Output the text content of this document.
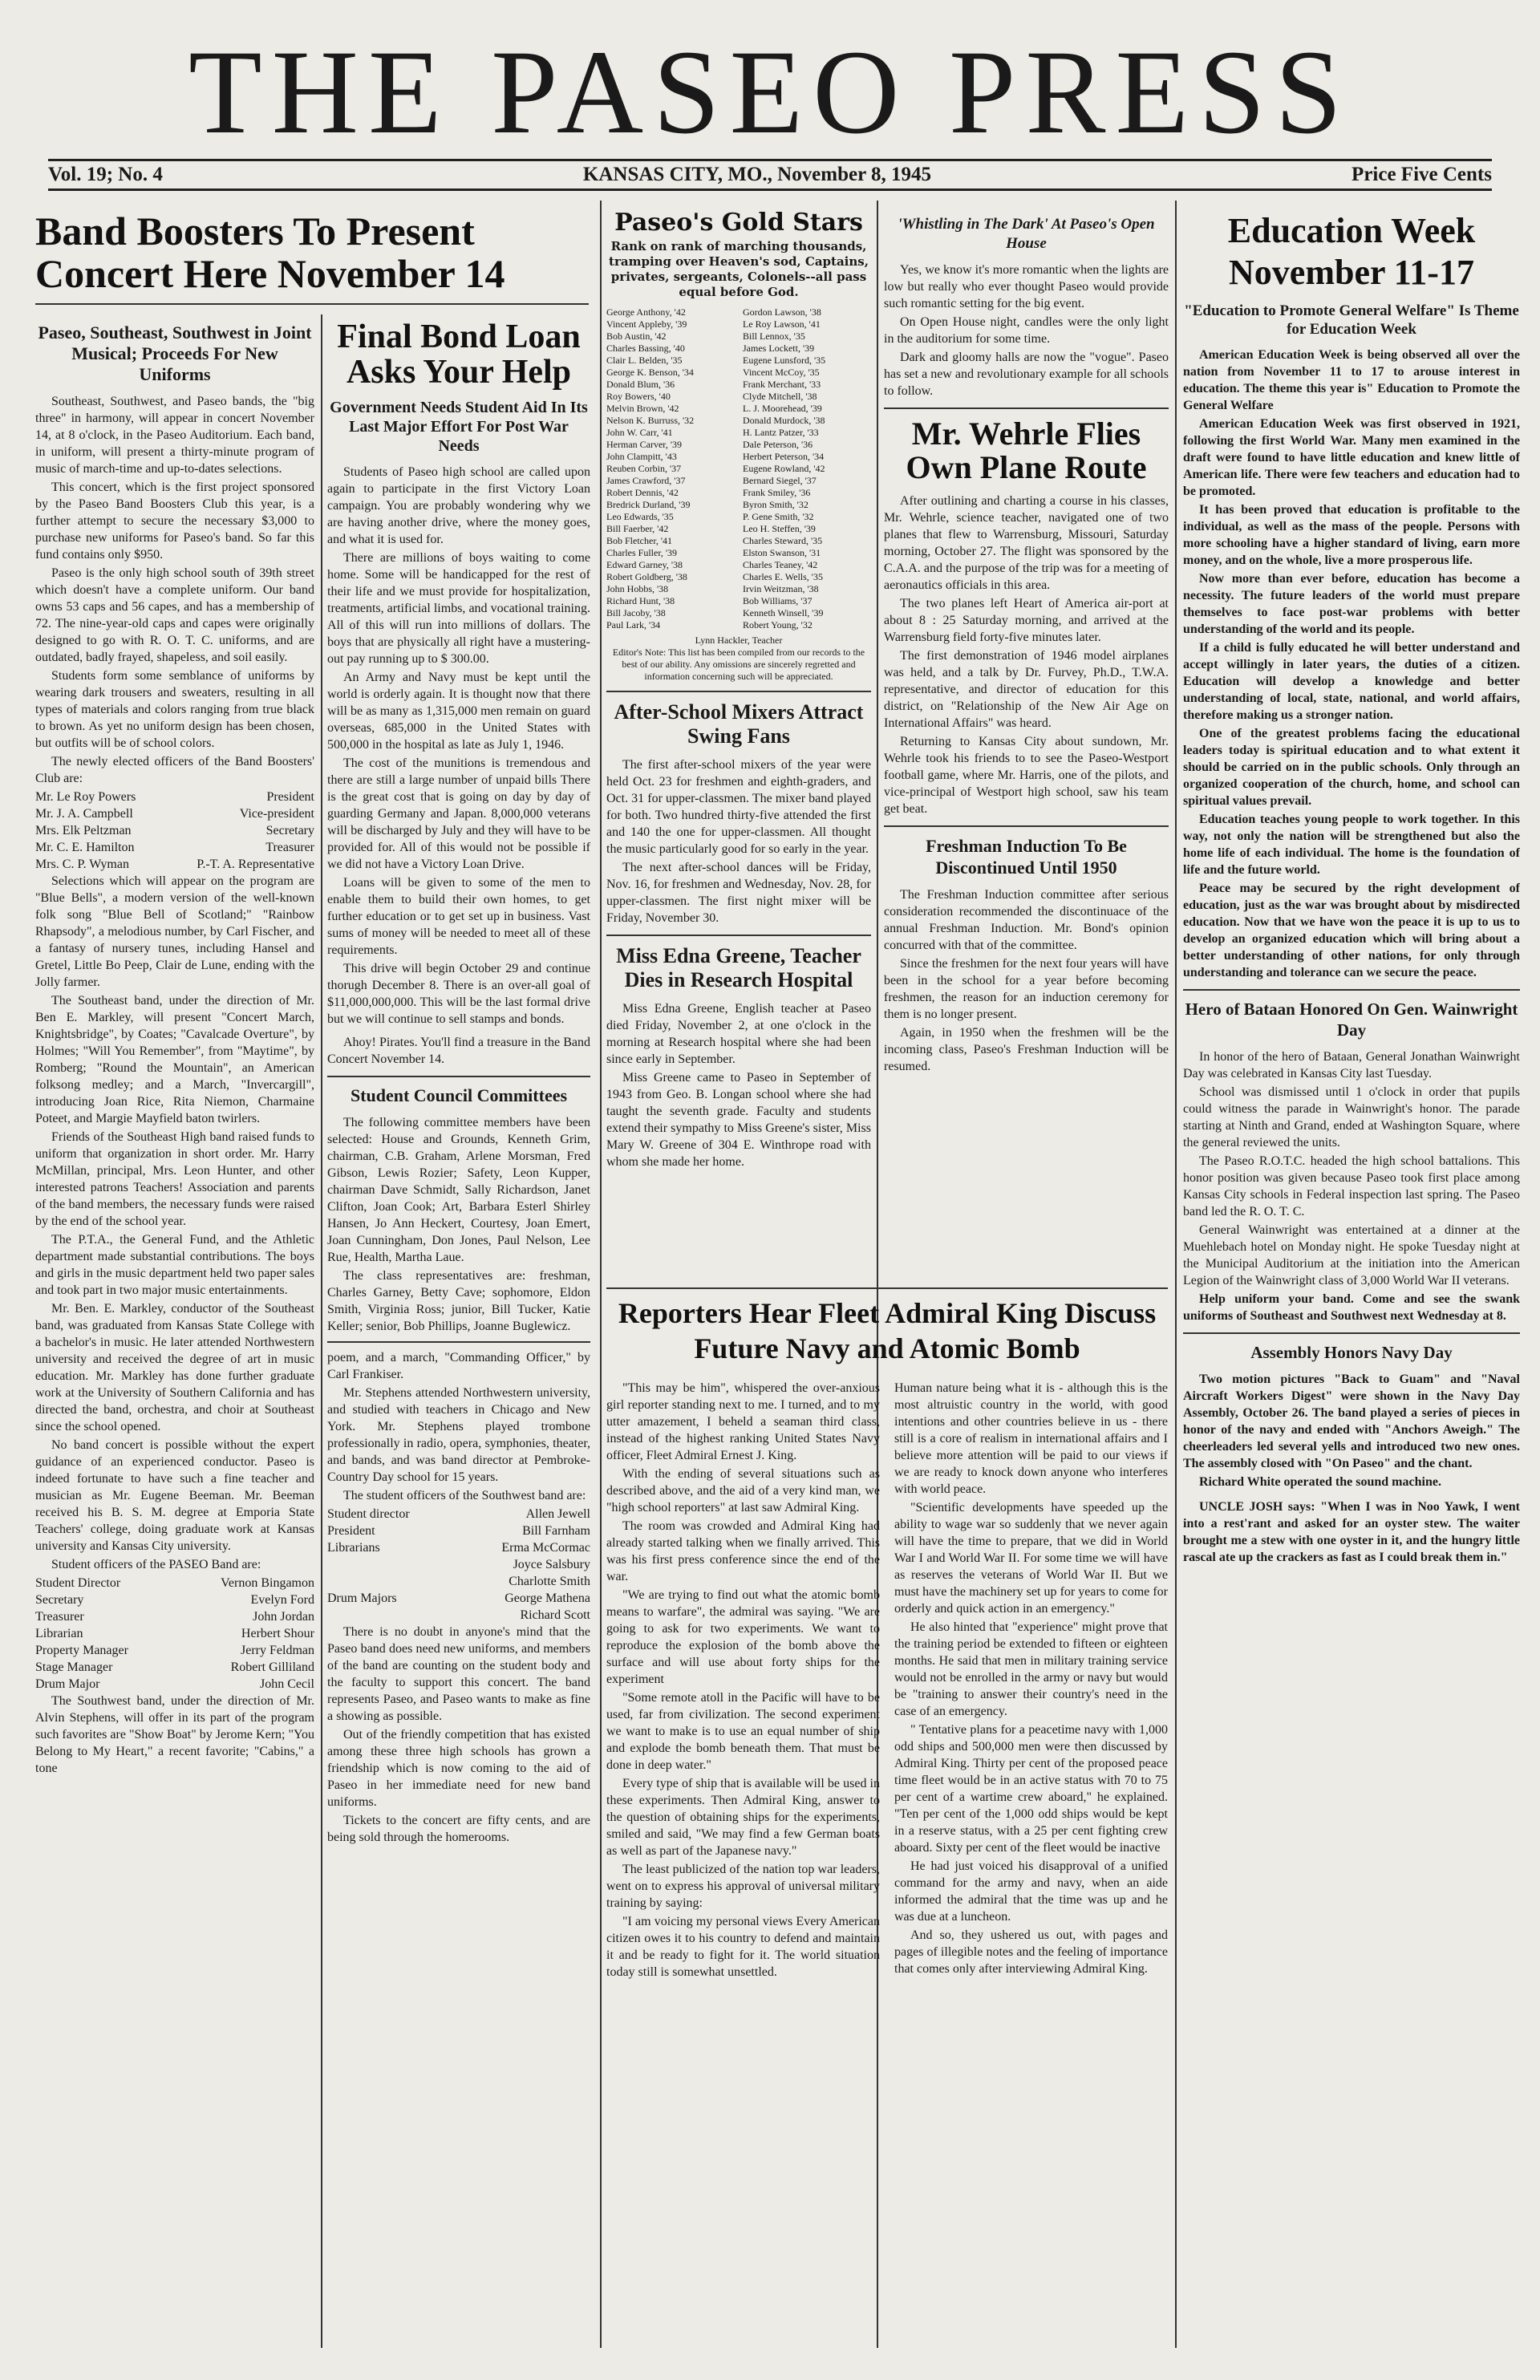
THE PASEO PRESS
Vol. 19; No. 4	KANSAS CITY, MO., November 8, 1945	Price Five Cents
Band Boosters To Present Concert Here November 14
Paseo, Southeast, Southwest in Joint Musical; Proceeds For New Uniforms

Southeast, Southwest, and Paseo bands, the "big three" in harmony, will appear in concert November 14, at 8 o'clock, in the Paseo Auditorium. Each band, in uniform, will present a thirty-minute program of music of march-time and up-to-dates selections.

This concert, which is the first project sponsored by the Paseo Band Boosters Club this year, is a further attempt to secure the necessary $3,000 to purchase new uniforms for Paseo's band. So far this fund contains only $950.

Paseo is the only high school south of 39th street which doesn't have a complete uniform. Our band owns 53 caps and 56 capes, and has a membership of 72. The nine-year-old caps and capes were originally designed to go with R. O. T. C. uniforms, and are outdated, badly frayed, shapeless, and soil easily.

Students form some semblance of uniforms by wearing dark trousers and sweaters, resulting in all types of materials and colors ranging from true black to brown. As yet no uniform design has been chosen, but outfits will be of school colors.

The newly elected officers of the Band Boosters' Club are:

Mr. Le Roy Powers	President
Mr. J. A. Campbell	Vice-president
Mrs. Elk Peltzman	Secretary
Mr. C. E. Hamilton	Treasurer
Mrs. C. P. Wyman	P.-T. A. Representative

Selections which will appear on the program are "Blue Bells", a modern version of the well-known folk song "Blue Bell of Scotland;" "Rainbow Rhapsody", a melodious number, by Carl Fischer, and a fantasy of nursery tunes, including Hansel and Gretel, Little Bo Peep, Clair de Lune, ending with the Jolly farmer.

The Southeast band, under the direction of Mr. Ben E. Markley, will present "Concert March, Knightsbridge", by Coates; "Cavalcade Overture", by Holmes; "Will You Remember", from "Maytime", by Romberg; "Round the Mountain", an American folksong medley; and a March, "Invercargill", introducing Joan Rice, Rita Niemon, Charmaine Poteet, and Margie Mayfield baton twirlers.

Friends of the Southeast High band raised funds to uniform that organization in short order. Mr. Harry McMillan, principal, Mrs. Leon Hunter, and other interested patrons Teachers! Association and parents of the band members, the necessary funds were raised by the end of the school year.

The P.T.A., the General Fund, and the Athletic department made substantial contributions. The boys and girls in the music department held two paper sales and took part in two major music entertainments.

Mr. Ben. E. Markley, conductor of the Southeast band, was graduated from Kansas State College with a bachelor's in music. He later attended Northwestern university and received the degree of art in music education. Mr. Markley has done further graduate work at the University of Southern California and has directed the band, orchestra, and choir at Southeast since the school opened.

No band concert is possible without the expert guidance of an experienced conductor. Paseo is indeed fortunate to have such a fine teacher and musician as Mr. Eugene Beeman. Mr. Beeman received his B. S. M. degree at Emporia State Teachers' college, doing graduate work at Kansas university and Kansas City university.

Student officers of the PASEO Band are:

Student Director	Vernon Bingamon
Secretary	Evelyn Ford
Treasurer	John Jordan
Librarian	Herbert Shour
Property Manager	Jerry Feldman
Stage Manager	Robert Gilliland
Drum Major	John Cecil

The Southwest band, under the direction of Mr. Alvin Stephens, will offer in its part of the program such favorites are "Show Boat" by Jerome Kern; "You Belong to My Heart," a recent favorite; "Cabins," a tone

Final Bond Loan Asks Your Help
Government Needs Student Aid In Its Last Major Effort For Post War Needs

Students of Paseo high school are called upon again to participate in the first Victory Loan campaign. You are probably wondering why we are having another drive, where the money goes, and what it is used for.

There are millions of boys waiting to come home. Some will be handicapped for the rest of their life and we must provide for hospitalization, treatments, artificial limbs, and vocational training. All of this will run into millions of dollars. The boys that are physically all right have a mustering-out pay running up to $ 300.00.

An Army and Navy must be kept until the world is orderly again. It is thought now that there will be as many as 1,315,000 men remain on guard overseas, 685,000 in the United States with 500,000 in the hospital as late as July 1, 1946.

The cost of the munitions is tremendous and there are still a large number of unpaid bills There is the great cost that is going on day by day of guarding Germany and Japan. 8,000,000 veterans will be discharged by July and they will have to be provided for. All of this would not be possible if we did not have a Victory Loan Drive.

Loans will be given to some of the men to enable them to build their own homes, to get further education or to get set up in business. Vast sums of money will be needed to meet all of these requirements.

This drive will begin October 29 and continue thorugh December 8. There is an over-all goal of $11,000,000,000. This will be the last formal drive but we will continue to sell stamps and bonds.

Ahoy! Pirates. You'll find a treasure in the Band Concert November 14.

Student Council Committees

The following committee members have been selected: House and Grounds, Kenneth Grim, chairman, C.B. Graham, Arlene Morsman, Fred Gibson, Lewis Rozier; Safety, Leon Kupper, chairman Dave Schmidt, Sally Richardson, Janet Clifton, Joan Cook; Art, Barbara Esterl Shirley Hansen, Jo Ann Heckert, Courtesy, Joan Emert, Joan Cunningham, Don Jones, Paul Nelson, Lee Rue, Health, Martha Laue.

The class representatives are: freshman, Charles Garney, Betty Cave; sophomore, Eldon Smith, Virginia Ross; junior, Bill Tucker, Katie Keller; senior, Bob Phillips, Joanne Buglewicz.

poem, and a march, "Commanding Officer," by Carl Frankiser.

Mr. Stephens attended Northwestern university, and studied with teachers in Chicago and New York. Mr. Stephens played trombone professionally in radio, opera, symphonies, theater, and bands, and was band director at Pembroke-Country Day school for 15 years.

The student officers of the Southwest band are:

Student director	Allen Jewell
President	Bill Farnham
Librarians	Erma McCormac
Joyce Salsbury
Charlotte Smith
Drum Majors	George Mathena
Richard Scott

There is no doubt in anyone's mind that the Paseo band does need new uniforms, and members of the band are counting on the student body and the faculty to support this concert. The band represents Paseo, and Paseo wants to make as fine a showing as possible.

Out of the friendly competition that has existed among these three high schools has grown a friendship which is now coming to the aid of Paseo in her immediate need for new band uniforms.

Tickets to the concert are fifty cents, and are being sold through the homerooms.

Paseo's Gold Stars
Rank on rank of marching thousands, tramping over Heaven's sod, Captains, privates, sergeants, Colonels--all pass equal before God.
George Anthony, '42	Gordon Lawson, '38
Vincent Appleby, '39	Le Roy Lawson, '41
Bob Austin, '42	Bill Lennox, '35
Charles Bassing, '40	James Lockett, '39
Clair L. Belden, '35	Eugene Lunsford, '35
George K. Benson, '34	Vincent McCoy, '35
Donald Blum, '36	Frank Merchant, '33
Roy Bowers, '40	Clyde Mitchell, '38
Melvin Brown, '42	L. J. Moorehead, '39
Nelson K. Burruss, '32	Donald Murdock, '38
John W. Carr, '41	H. Lantz Patzer, '33
Herman Carver, '39	Dale Peterson, '36
John Clampitt, '43	Herbert Peterson, '34
Reuben Corbin, '37	Eugene Rowland, '42
James Crawford, '37	Bernard Siegel, '37
Robert Dennis, '42	Frank Smiley, '36
Bredrick Durland, '39	Byron Smith, '32
Leo Edwards, '35	P. Gene Smith, '32
Bill Faerber, '42	Leo H. Steffen, '39
Bob Fletcher, '41	Charles Steward, '35
Charles Fuller, '39	Elston Swanson, '31
Edward Garney, '38	Charles Teaney, '42
Robert Goldberg, '38	Charles E. Wells, '35
John Hobbs, '38	Irvin Weitzman, '38
Richard Hunt, '38	Bob Williams, '37
Bill Jacoby, '38	Kenneth Winsell, '39
Paul Lark, '34	Robert Young, '32
Lynn Hackler, Teacher
Editor's Note: This list has been compiled from our records to the best of our ability. Any omissions are sincerely regretted and information concerning such will be appreciated.
After-School Mixers Attract Swing Fans

The first after-school mixers of the year were held Oct. 23 for freshmen and eighth-graders, and Oct. 31 for upper-classmen. The mixer band played for both. Two hundred thirty-five attended the first and 140 the one for upper-classmen. All thought the music particularly good for so early in the year.

The next after-school dances will be Friday, Nov. 16, for freshmen and Wednesday, Nov. 28, for upper-classmen. The first night mixer will be Friday, November 30.

Miss Edna Greene, Teacher Dies in Research Hospital

Miss Edna Greene, English teacher at Paseo died Friday, November 2, at one o'clock in the morning at Research hospital where she had been since early in September.

Miss Greene came to Paseo in September of 1943 from Geo. B. Longan school where she had taught the seventh grade. Faculty and students extend their sympathy to Miss Greene's sister, Miss Mary W. Greene of 304 E. Winthrope road with whom she made her home.

'Whistling in The Dark' At Paseo's Open House

Yes, we know it's more romantic when the lights are low but really who ever thought Paseo would provide such romantic setting for the big event.

On Open House night, candles were the only light in the auditorium for some time.

Dark and gloomy halls are now the "vogue". Paseo has set a new and revolutionary example for all schools to follow.

Mr. Wehrle Flies Own Plane Route

After outlining and charting a course in his classes, Mr. Wehrle, science teacher, navigated one of two planes that flew to Warrensburg, Missouri, Saturday morning, October 27. The flight was sponsored by the C.A.A. and the purpose of the trip was for a meeting of aeronautics officials in this area.

The two planes left Heart of America air-port at about 8 : 25 Saturday morning, and arrived at the Warrensburg field forty-five minutes later.

The first demonstration of 1946 model airplanes was held, and a talk by Dr. Furvey, Ph.D., T.W.A. representative, and director of education for this district, on "Relationship of the New Air Age on International Affairs" was heard.

Returning to Kansas City about sundown, Mr. Wehrle took his friends to to see the Paseo-Westport football game, where Mr. Harris, one of the pilots, and vice-principal of Westport high school, saw his team get beat.

Freshman Induction To Be Discontinued Until 1950

The Freshman Induction committee after serious consideration recommended the discontinuace of the annual Freshman Induction. Mr. Bond's opinion concurred with that of the committee.

Since the freshmen for the next four years will have been in the school for a year before becoming freshmen, the reason for an induction ceremony for them is no longer present.

Again, in 1950 when the freshmen will be the incoming class, Paseo's Freshman Induction will be resumed.

Reporters Hear Fleet Admiral King Discuss Future Navy and Atomic Bomb

"This may be him", whispered the over-anxious girl reporter standing next to me. I turned, and to my utter amazement, I beheld a seaman third class, instead of the highest ranking United States Navy officer, Fleet Admiral Ernest J. King.

With the ending of several situations such as described above, and the aid of a very kind man, we "high school reporters" at last saw Admiral King.

The room was crowded and Admiral King had already started talking when we finally arrived. This was his first press conference since the end of the war.

"We are trying to find out what the atomic bomb means to warfare", the admiral was saying. "We are going to ask for two experiments. We want to reproduce the explosion of the bomb above the surface and will use about forty ships for the experiment

"Some remote atoll in the Pacific will have to be used, far from civilization. The second experiment we want to make is to use an equal number of ship and explode the bomb beneath them. That must be done in deep water."

Every type of ship that is available will be used in these experiments. Then Admiral King, answer to the question of obtaining ships for the experiments, smiled and said, "We may find a few German boats as well as part of the Japanese navy."

The least publicized of the nation top war leaders, went on to express his approval of universal military training by saying:

"I am voicing my personal views Every American citizen owes it to his country to defend and maintain it and be ready to fight for it. The world situation today still is somewhat unsettled.

Human nature being what it is - although this is the most altruistic country in the world, with good intentions and other countries believe in us - there still is a core of realism in international affairs and I believe more attention will be paid to our views if we are ready to knock down anyone who interferes with world peace.

"Scientific developments have speeded up the ability to wage war so suddenly that we never again will have the time to prepare, that we did in World War I and World War II. For some time we will have as reserves the veterans of World War II. But we must have the machinery set up for years to come for orderly and quick action in an emergency."

He also hinted that "experience" might prove that the training period be extended to fifteen or eighteen months. He said that men in military training service would not be enrolled in the army or navy but would be "training to answer their country's need in the case of an emergency.

" Tentative plans for a peacetime navy with 1,000 odd ships and 500,000 men were then discussed by Admiral King. Thirty per cent of the proposed peace time fleet would be in an active status with 70 to 75 per cent of a wartime crew aboard," he explained. "Ten per cent of the 1,000 odd ships would be kept in a reserve status, with a 25 per cent fighting crew aboard. Sixty per cent of the fleet would be inactive

He had just voiced his disapproval of a unified command for the army and navy, when an aide informed the admiral that the time was up and he was due at a luncheon.

And so, they ushered us out, with pages and pages of illegible notes and the feeling of importance that comes only after interviewing Admiral King.

Education Week November 11-17
"Education to Promote General Welfare" Is Theme for Education Week

American Education Week is being observed all over the nation from November 11 to 17 to arouse interest in education. The theme this year is" Education to Promote the General Welfare

American Education Week was first observed in 1921, following the first World War. Many men examined in the draft were found to have little education and knew little of American life. There were few teachers and education had to be promoted.

It has been proved that education is profitable to the individual, as well as the mass of the people. Persons with more schooling have a higher standard of living, earn more money, and on the whole, live a more prosperous life.

Now more than ever before, education has become a necessity. The future leaders of the world must prepare themselves to face post-war problems with better understanding of the world and its people.

If a child is fully educated he will better understand and accept willingly in later years, the duties of a citizen. Education will develop a knowledge and better understanding of local, state, national, and world affairs, therefore making us a stronger nation.

One of the greatest problems facing the educational leaders today is spiritual education and to what extent it should be carried on in the public schools. Only through an organized cooperation of the church, home, and school can spiritual values prevail.

Education teaches young people to work together. In this way, not only the nation will be strengthened but also the home life of each individual. The home is the foundation of life and the future world.

Peace may be secured by the right development of education, just as the war was brought about by misdirected education. Now that we have won the peace it is up to us to develop an organized education which will bring about a better understanding of other nations, for only through understanding and tolerance can we secure the peace.

Hero of Bataan Honored On Gen. Wainwright Day

In honor of the hero of Bataan, General Jonathan Wainwright Day was celebrated in Kansas City last Tuesday.

School was dismissed until 1 o'clock in order that pupils could witness the parade in Wainwright's honor. The parade starting at Ninth and Grand, ended at Washington Square, where the general reviewed the units.

The Paseo R.O.T.C. headed the high school battalions. This honor position was given because Paseo took first place among Kansas City schools in Federal inspection last spring. The Paseo band led the R. O. T. C.

General Wainwright was entertained at a dinner at the Muehlebach hotel on Monday night. He spoke Tuesday night at the Municipal Auditorium at the initiation into the American Legion of the Wainwright class of 3,000 World War II veterans.

Help uniform your band. Come and see the swank uniforms of Southeast and Southwest next Wednesday at 8.

Assembly Honors Navy Day

Two motion pictures "Back to Guam" and "Naval Aircraft Workers Digest" were shown in the Navy Day Assembly, October 26. The band played a series of pieces in honor of the navy and ended with "Anchors Aweigh." The cheerleaders led several yells and introduced two new ones. The assembly closed with "On Paseo" and the chant.

Richard White operated the sound machine.

UNCLE JOSH says: "When I was in Noo Yawk, I went into a rest'rant and asked for an oyster stew. The waiter brought me a stew with one oyster in it, and the hungry little rascal ate up the crackers as fast as I could break them in."
